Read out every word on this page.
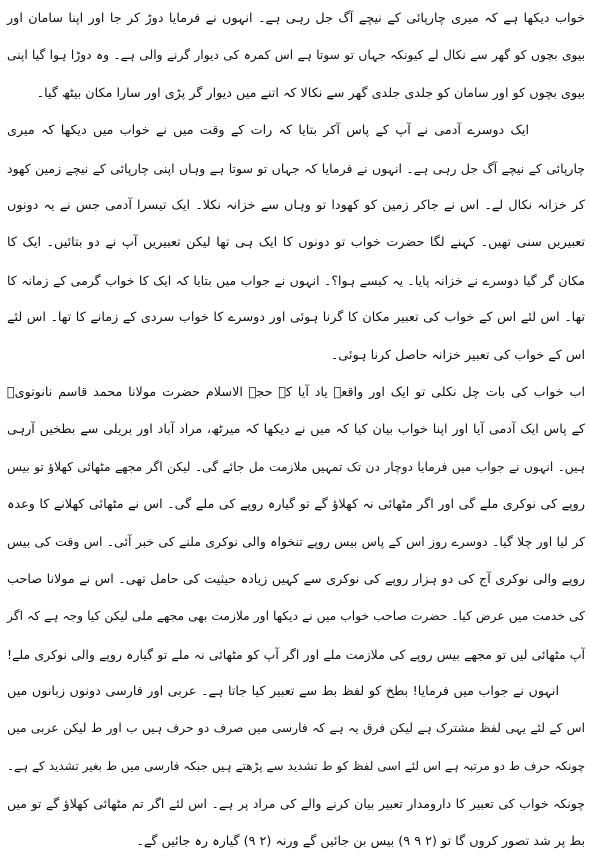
خواب دیکھا ہے کہ میری چارپائی کے نیچے آگ جل رہی ہے۔ انہوں نے فرمایا دوڑ کر جا اور اپنا سامان اور
بیوی بچوں کو گھر سے نکال لے کیونکہ جہاں تو سوتا ہے اس کمرہ کی دیوار گرنے والی ہے۔ وہ دوڑا ہوا گیا اپنی
بیوی بچوں کو اور سامان کو جلدی جلدی گھر سے نکالا کہ اتنے میں دیوار گر پڑی اور سارا مکان بیٹھ گیا۔
ایک دوسرے آدمی نے آپ کے پاس آکر بتایا کہ رات کے وقت میں نے خواب میں دیکھا کہ میری
چارپائی کے نیچے آگ جل رہی ہے۔ انہوں نے فرمایا کہ جہاں تو سوتا ہے وہاں اپنی چارپائی کے نیچے زمین کھود
کر خزانہ نکال لے۔ اس نے جاکر زمین کو کھودا تو وہاں سے خزانہ نکلا۔ ایک تیسرا آدمی جس نے یہ دونوں
تعبیریں سنی تھیں۔ کہنے لگا حضرت خواب تو دونوں کا ایک ہی تھا لیکن تعبیریں آپ نے دو بتائیں۔ ایک کا
مکان گر گیا دوسرے نے خزانہ پایا۔ یہ کیسے ہوا؟۔ انہوں نے جواب میں بتایا کہ ایک کا خواب گرمی کے زمانہ کا
تھا۔ اس لئے اس کے خواب کی تعبیر مکان کا گرنا ہوئی اور دوسرے کا خواب سردی کے زمانے کا تھا۔ اس لئے
اس کے خواب کی تعبیر خزانہ حاصل کرنا ہوئی۔
اب خواب کی بات چل نکلی تو ایک اور واقعہ یاد آیا کہ حجۃ الاسلام حضرت مولانا محمد قاسم نانوتویؒ
کے پاس ایک آدمی آیا اور اپنا خواب بیان کیا کہ میں نے دیکھا کہ میرٹھ، مراد آباد اور بریلی سے بطخیں آرہی
ہیں۔ انہوں نے جواب میں فرمایا دوچار دن تک تمہیں ملازمت مل جائے گی۔ لیکن اگر مجھے مٹھائی کھلاؤ تو بیس
روپے کی نوکری ملے گی اور اگر مٹھائی نہ کھلاؤ گے تو گیارہ روپے کی ملے گی۔ اس نے مٹھائی کھلانے کا وعدہ
کر لیا اور چلا گیا۔ دوسرے روز اس کے پاس بیس روپے تنخواہ والی نوکری ملنے کی خبر آئی۔ اس وقت کی بیس
روپے والی نوکری آج کی دو ہزار روپے کی نوکری سے کہیں زیادہ حیثیت کی حامل تھی۔ اس نے مولانا صاحب
کی خدمت میں عرض کیا۔ حضرت صاحب خواب میں نے دیکھا اور ملازمت بھی مجھے ملی لیکن کیا وجہ ہے کہ اگر
آپ مٹھائی لیں تو مجھے بیس روپے کی ملازمت ملے اور اگر آپ کو مٹھائی نہ ملے تو گیارہ روپے والی نوکری ملے!
انہوں نے جواب میں فرمایا! بطخ کو لفظ بط سے تعبیر کیا جاتا ہے۔ عربی اور فارسی دونوں زبانوں میں
اس کے لئے یہی لفظ مشترک ہے لیکن فرق یہ ہے کہ فارسی میں صرف دو حرف ہیں ب اور ط لیکن عربی میں
چونکہ حرف ط دو مرتبہ ہے اس لئے اسی لفظ کو ط تشدید سے پڑھتے ہیں جبکہ فارسی میں ط بغیر تشدید کے ہے۔
چونکہ خواب کی تعبیر کا دارومدار تعبیر بیان کرنے والے کی مراد پر ہے۔ اس لئے اگر تم مٹھائی کھلاؤ گے تو میں
بط پر شد تصور کروں گا تو (۲ ۹ ۹) بیس بن جائیں گے ورنہ (۲ ۹) گیارہ رہ جائیں گے۔
